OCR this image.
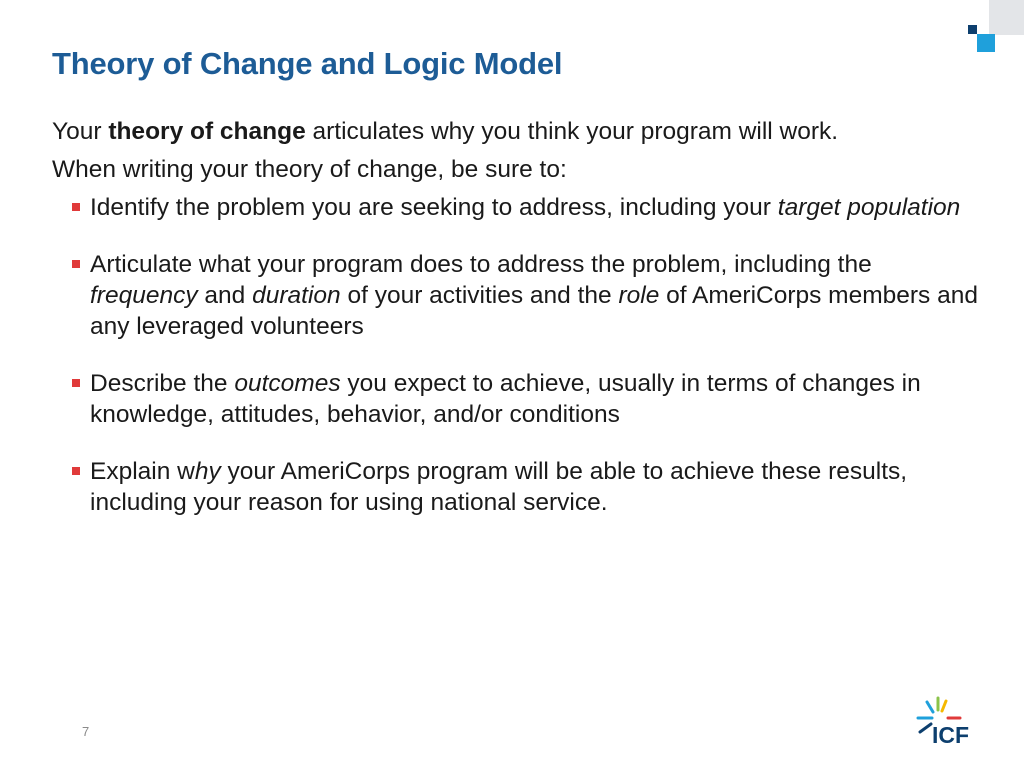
Theory of Change and Logic Model

Your theory of change articulates why you think your program will work.

When writing your theory of change, be sure to:

Identify the problem you are seeking to address, including your target population
Articulate what your program does to address the problem, including the frequency and duration of your activities and the role of AmeriCorps members and any leveraged volunteers
Describe the outcomes you expect to achieve, usually in terms of changes in knowledge, attitudes, behavior, and/or conditions
Explain why your AmeriCorps program will be able to achieve these results, including your reason for using national service.
7	ICF
